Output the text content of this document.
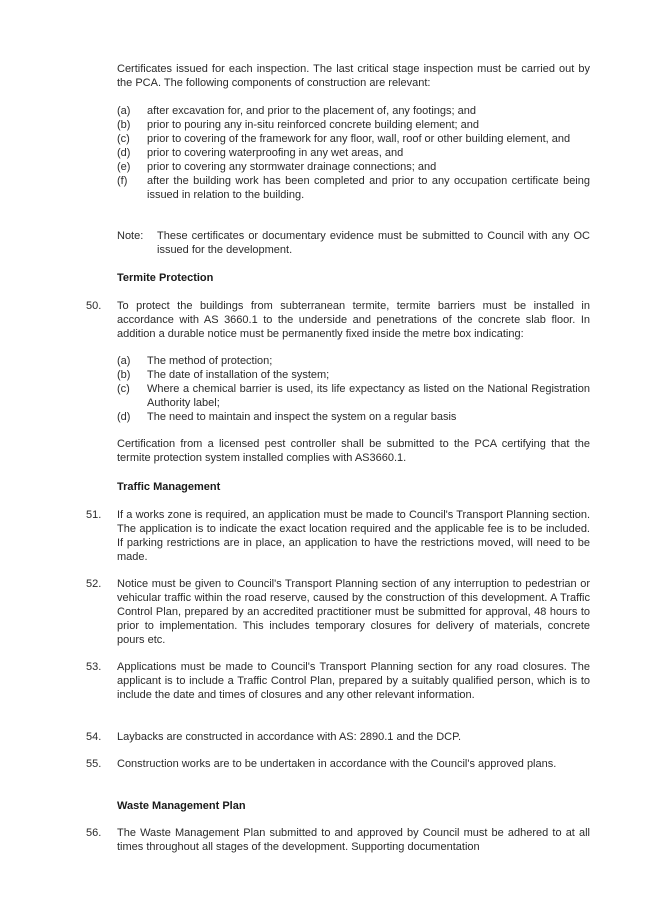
Certificates issued for each inspection. The last critical stage inspection must be carried out by the PCA. The following components of construction are relevant:
(a) after excavation for, and prior to the placement of, any footings; and
(b) prior to pouring any in-situ reinforced concrete building element; and
(c) prior to covering of the framework for any floor, wall, roof or other building element, and
(d) prior to covering waterproofing in any wet areas, and
(e) prior to covering any stormwater drainage connections; and
(f) after the building work has been completed and prior to any occupation certificate being issued in relation to the building.
Note: These certificates or documentary evidence must be submitted to Council with any OC issued for the development.
Termite Protection
50. To protect the buildings from subterranean termite, termite barriers must be installed in accordance with AS 3660.1 to the underside and penetrations of the concrete slab floor. In addition a durable notice must be permanently fixed inside the metre box indicating:
(a) The method of protection;
(b) The date of installation of the system;
(c) Where a chemical barrier is used, its life expectancy as listed on the National Registration Authority label;
(d) The need to maintain and inspect the system on a regular basis
Certification from a licensed pest controller shall be submitted to the PCA certifying that the termite protection system installed complies with AS3660.1.
Traffic Management
51. If a works zone is required, an application must be made to Council's Transport Planning section. The application is to indicate the exact location required and the applicable fee is to be included. If parking restrictions are in place, an application to have the restrictions moved, will need to be made.
52. Notice must be given to Council's Transport Planning section of any interruption to pedestrian or vehicular traffic within the road reserve, caused by the construction of this development. A Traffic Control Plan, prepared by an accredited practitioner must be submitted for approval, 48 hours to prior to implementation. This includes temporary closures for delivery of materials, concrete pours etc.
53. Applications must be made to Council's Transport Planning section for any road closures. The applicant is to include a Traffic Control Plan, prepared by a suitably qualified person, which is to include the date and times of closures and any other relevant information.
54. Laybacks are constructed in accordance with AS: 2890.1 and the DCP.
55. Construction works are to be undertaken in accordance with the Council's approved plans.
Waste Management Plan
56. The Waste Management Plan submitted to and approved by Council must be adhered to at all times throughout all stages of the development. Supporting documentation
